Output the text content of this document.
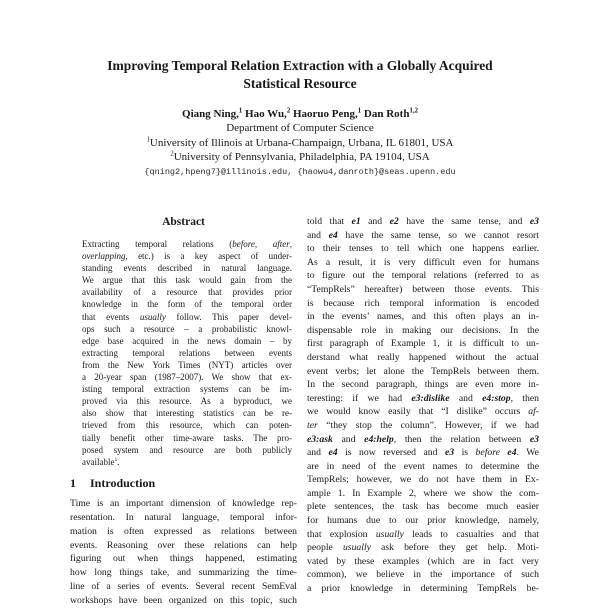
Improving Temporal Relation Extraction with a Globally Acquired
Statistical Resource
Qiang Ning,$^1$ Hao Wu,$^2$ Haoruo Peng,$^1$ Dan Roth$^{1,2}$
Department of Computer Science
$^1$University of Illinois at Urbana-Champaign, Urbana, IL 61801, USA
$^2$University of Pennsylvania, Philadelphia, PA 19104, USA
{qning2,hpeng7}@illinois.edu, {haowu4,danroth}@seas.upenn.edu
Abstract
Extracting temporal relations (before, after,
overlapping, etc.) is a key aspect of under-
standing events described in natural language.
We argue that this task would gain from the
availability of a resource that provides prior
knowledge in the form of the temporal order
that events usually follow. This paper devel-
ops such a resource – a probabilistic knowl-
edge base acquired in the news domain – by
extracting temporal relations between events
from the New York Times (NYT) articles over
a 20-year span (1987–2007). We show that ex-
isting temporal extraction systems can be im-
proved via this resource. As a byproduct, we
also show that interesting statistics can be re-
trieved from this resource, which can poten-
tially benefit other time-aware tasks. The pro-
posed system and resource are both publicly
available$^1$.
1 Introduction
Time is an important dimension of knowledge rep-
resentation. In natural language, temporal infor-
mation is often expressed as relations between
events. Reasoning over these relations can help
figuring out when things happened, estimating
how long things take, and summarizing the time-
line of a series of events. Several recent SemEval
workshops have been organized on this topic, such
told that e1 and e2 have the same tense, and e3
and e4 have the same tense, so we cannot resort
to their tenses to tell which one happens earlier.
As a result, it is very difficult even for humans
to figure out the temporal relations (referred to as
“TempRels” hereafter) between those events. This
is because rich temporal information is encoded
in the events’ names, and this often plays an in-
dispensable role in making our decisions. In the
first paragraph of Example 1, it is difficult to un-
derstand what really happened without the actual
event verbs; let alone the TempRels between them.
In the second paragraph, things are even more in-
teresting: if we had e3:dislike and e4:stop, then
we would know easily that “I dislike” occurs af-
ter “they stop the column”. However, if we had
e3:ask and e4:help, then the relation between e3
and e4 is now reversed and e3 is before e4. We
are in need of the event names to determine the
TempRels; however, we do not have them in Ex-
ample 1. In Example 2, where we show the com-
plete sentences, the task has become much easier
for humans due to our prior knowledge, namely,
that explosion usually leads to casualties and that
people usually ask before they get help. Moti-
vated by these examples (which are in fact very
common), we believe in the importance of such
a prior knowledge in determining TempRels be-
